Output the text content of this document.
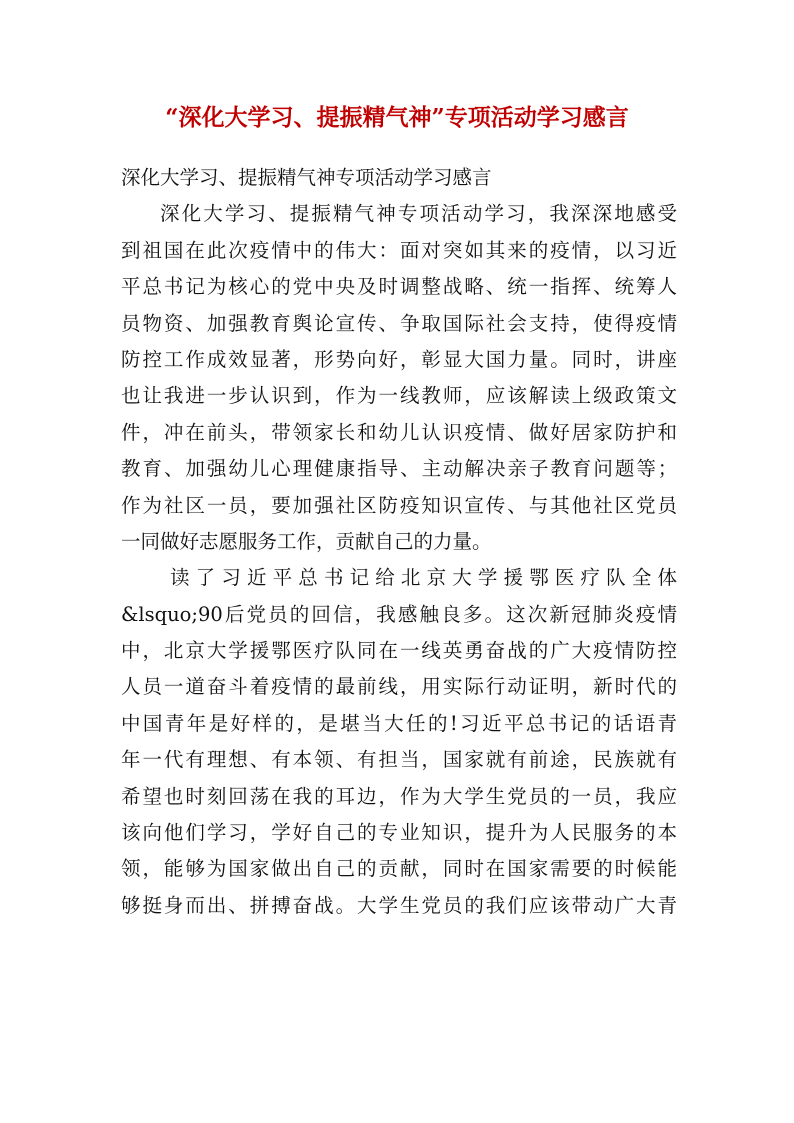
“深化大学习、提振精气神”专项活动学习感言
深化大学习、提振精气神专项活动学习感言
深化大学习、提振精气神专项活动学习，我深深地感受
到祖国在此次疫情中的伟大：面对突如其来的疫情，以习近
平总书记为核心的党中央及时调整战略、统一指挥、统筹人
员物资、加强教育舆论宣传、争取国际社会支持，使得疫情
防控工作成效显著，形势向好，彰显大国力量。同时，讲座
也让我进一步认识到，作为一线教师，应该解读上级政策文
件，冲在前头，带领家长和幼儿认识疫情、做好居家防护和
教育、加强幼儿心理健康指导、主动解决亲子教育问题等；
作为社区一员，要加强社区防疫知识宣传、与其他社区党员
一同做好志愿服务工作，贡献自己的力量。
读了习近平总书记给北京大学援鄂医疗队全体
&lsquo;90后党员的回信，我感触良多。这次新冠肺炎疫情
中，北京大学援鄂医疗队同在一线英勇奋战的广大疫情防控
人员一道奋斗着疫情的最前线，用实际行动证明，新时代的
中国青年是好样的，是堪当大任的!习近平总书记的话语青
年一代有理想、有本领、有担当，国家就有前途，民族就有
希望也时刻回荡在我的耳边，作为大学生党员的一员，我应
该向他们学习，学好自己的专业知识，提升为人民服务的本
领，能够为国家做出自己的贡献，同时在国家需要的时候能
够挺身而出、拼搏奋战。大学生党员的我们应该带动广大青
